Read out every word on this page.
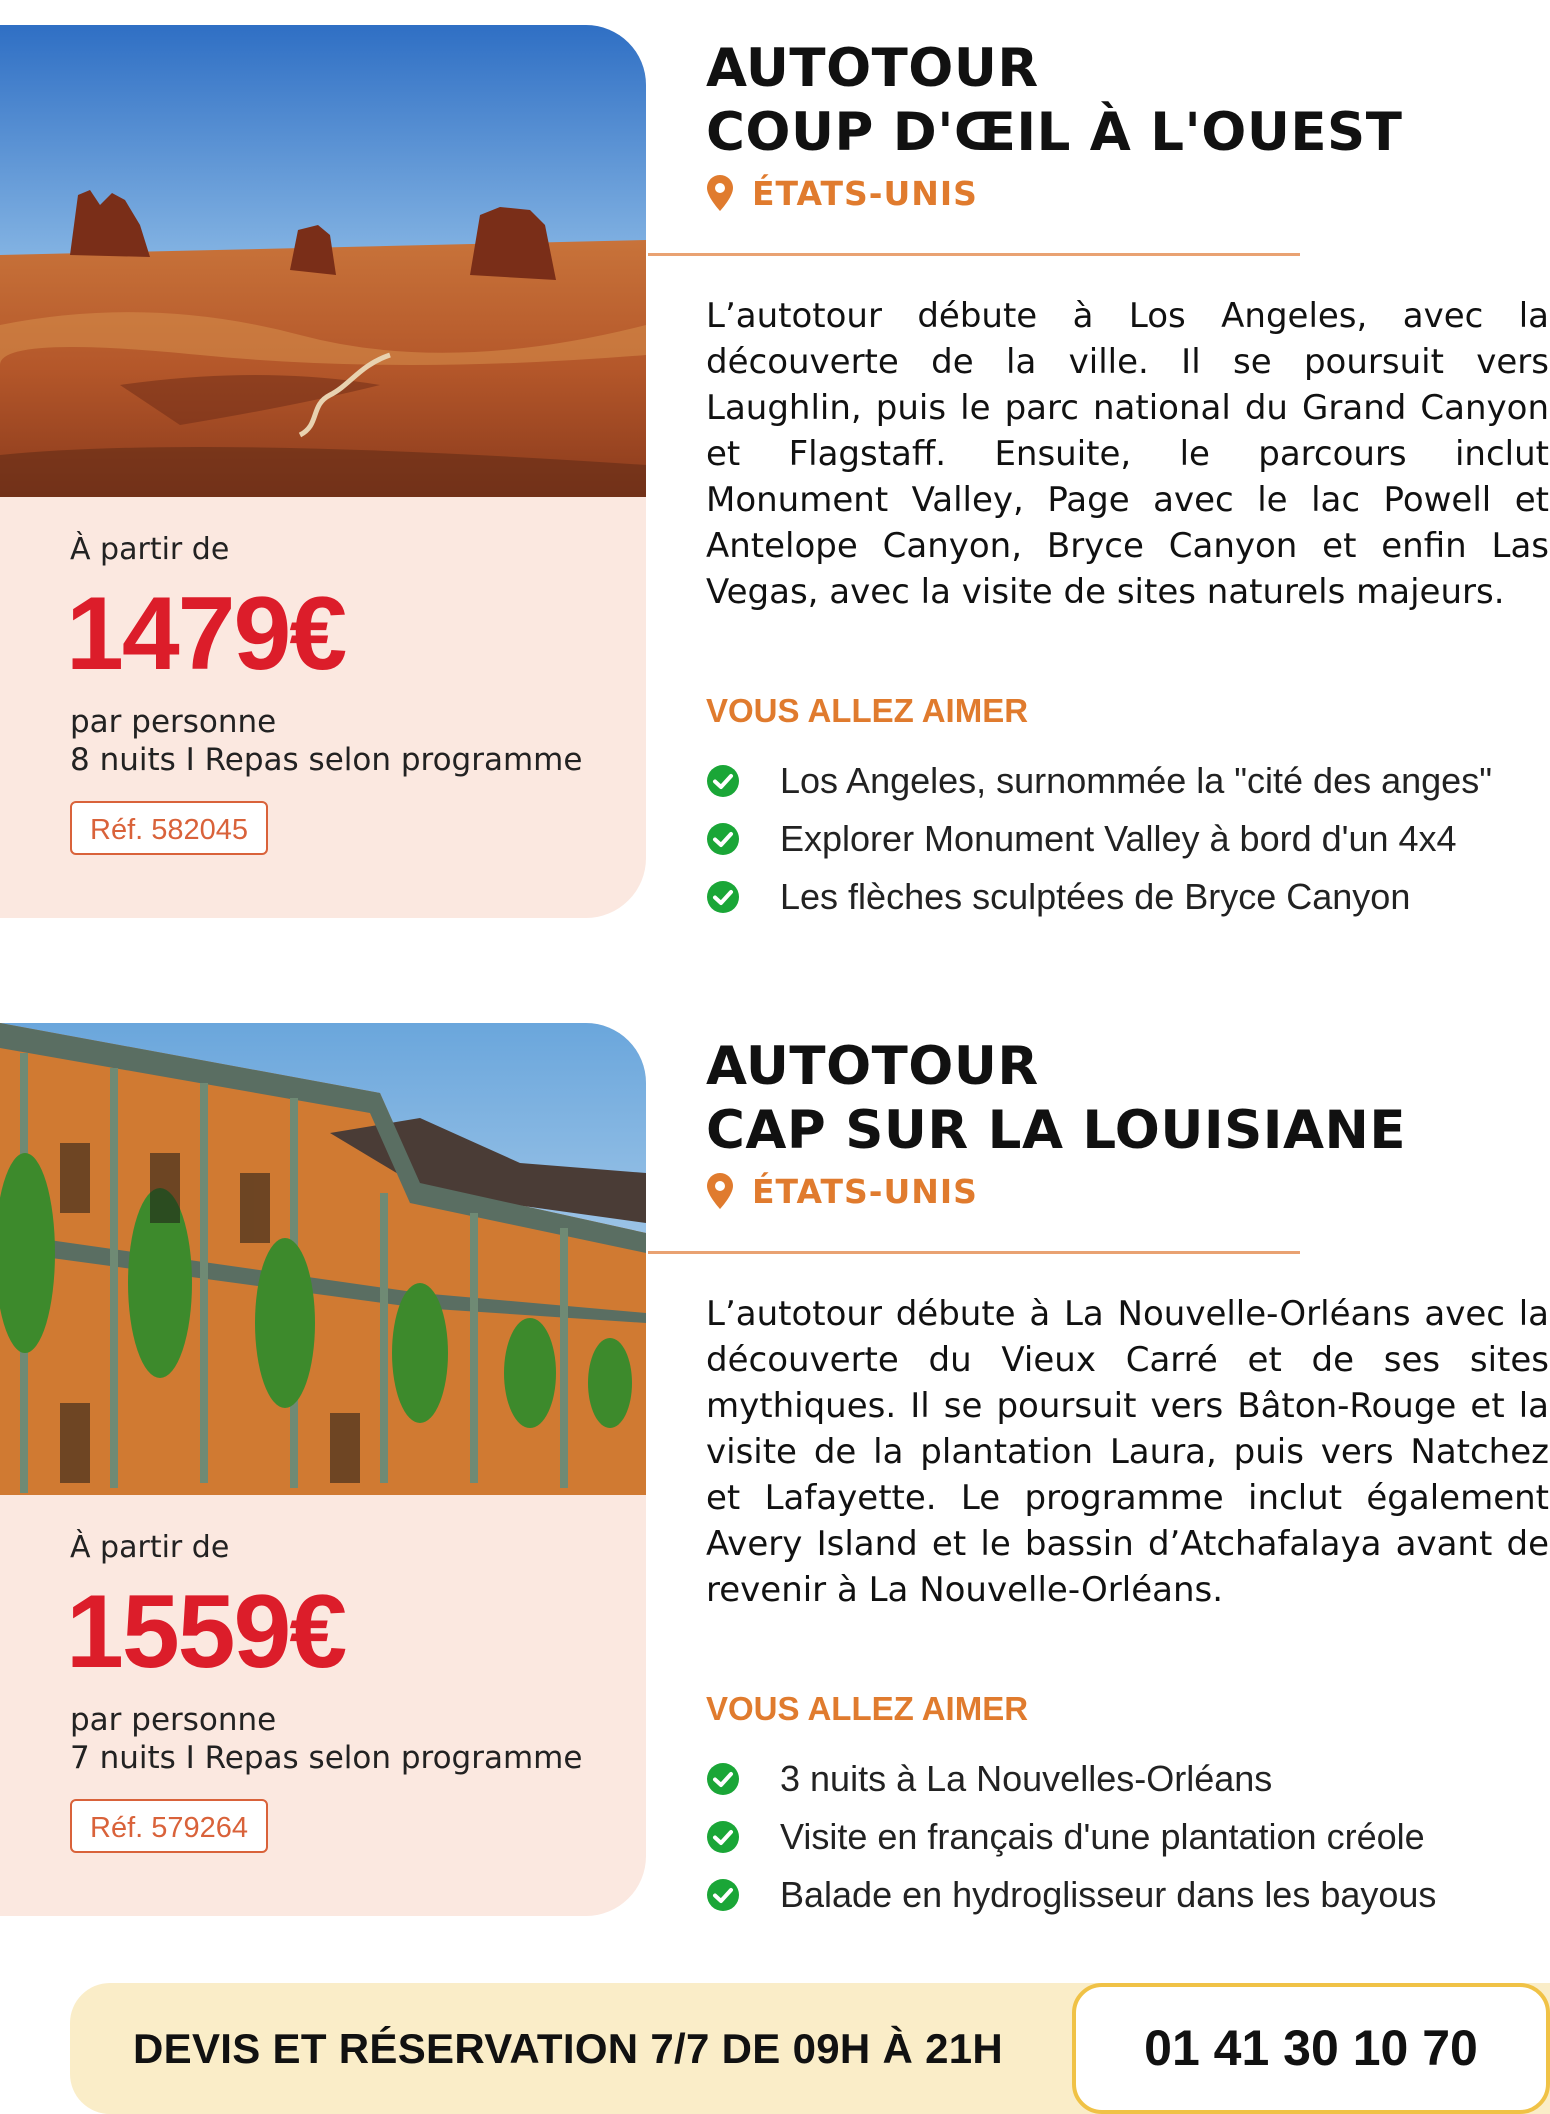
À partir de
1479€
par personne
8 nuits I Repas selon programme
Réf. 582045
AUTOTOUR
COUP D'ŒIL À L'OUEST
ÉTATS-UNIS
L’autotour débute à Los Angeles, avec la découverte de la ville. Il se poursuit vers Laughlin, puis le parc national du Grand Canyon et Flagstaff. Ensuite, le parcours inclut Monument Valley, Page avec le lac Powell et Antelope Canyon, Bryce Canyon et enfin Las Vegas, avec la visite de sites naturels majeurs.
VOUS ALLEZ AIMER
Los Angeles, surnommée la "cité des anges"
Explorer Monument Valley à bord d'un 4x4
Les flèches sculptées de Bryce Canyon
À partir de
1559€
par personne
7 nuits I Repas selon programme
Réf. 579264
AUTOTOUR
CAP SUR LA LOUISIANE
ÉTATS-UNIS
L’autotour débute à La Nouvelle-Orléans avec la découverte du Vieux Carré et de ses sites mythiques. Il se poursuit vers Bâton-Rouge et la visite de la plantation Laura, puis vers Natchez et Lafayette. Le programme inclut également Avery Island et le bassin d’Atchafalaya avant de revenir à La Nouvelle-Orléans.
VOUS ALLEZ AIMER
3 nuits à La Nouvelles-Orléans
Visite en français d'une plantation créole
Balade en hydroglisseur dans les bayous
DEVIS ET RÉSERVATION 7/7 DE 09H À 21H	01 41 30 10 70
